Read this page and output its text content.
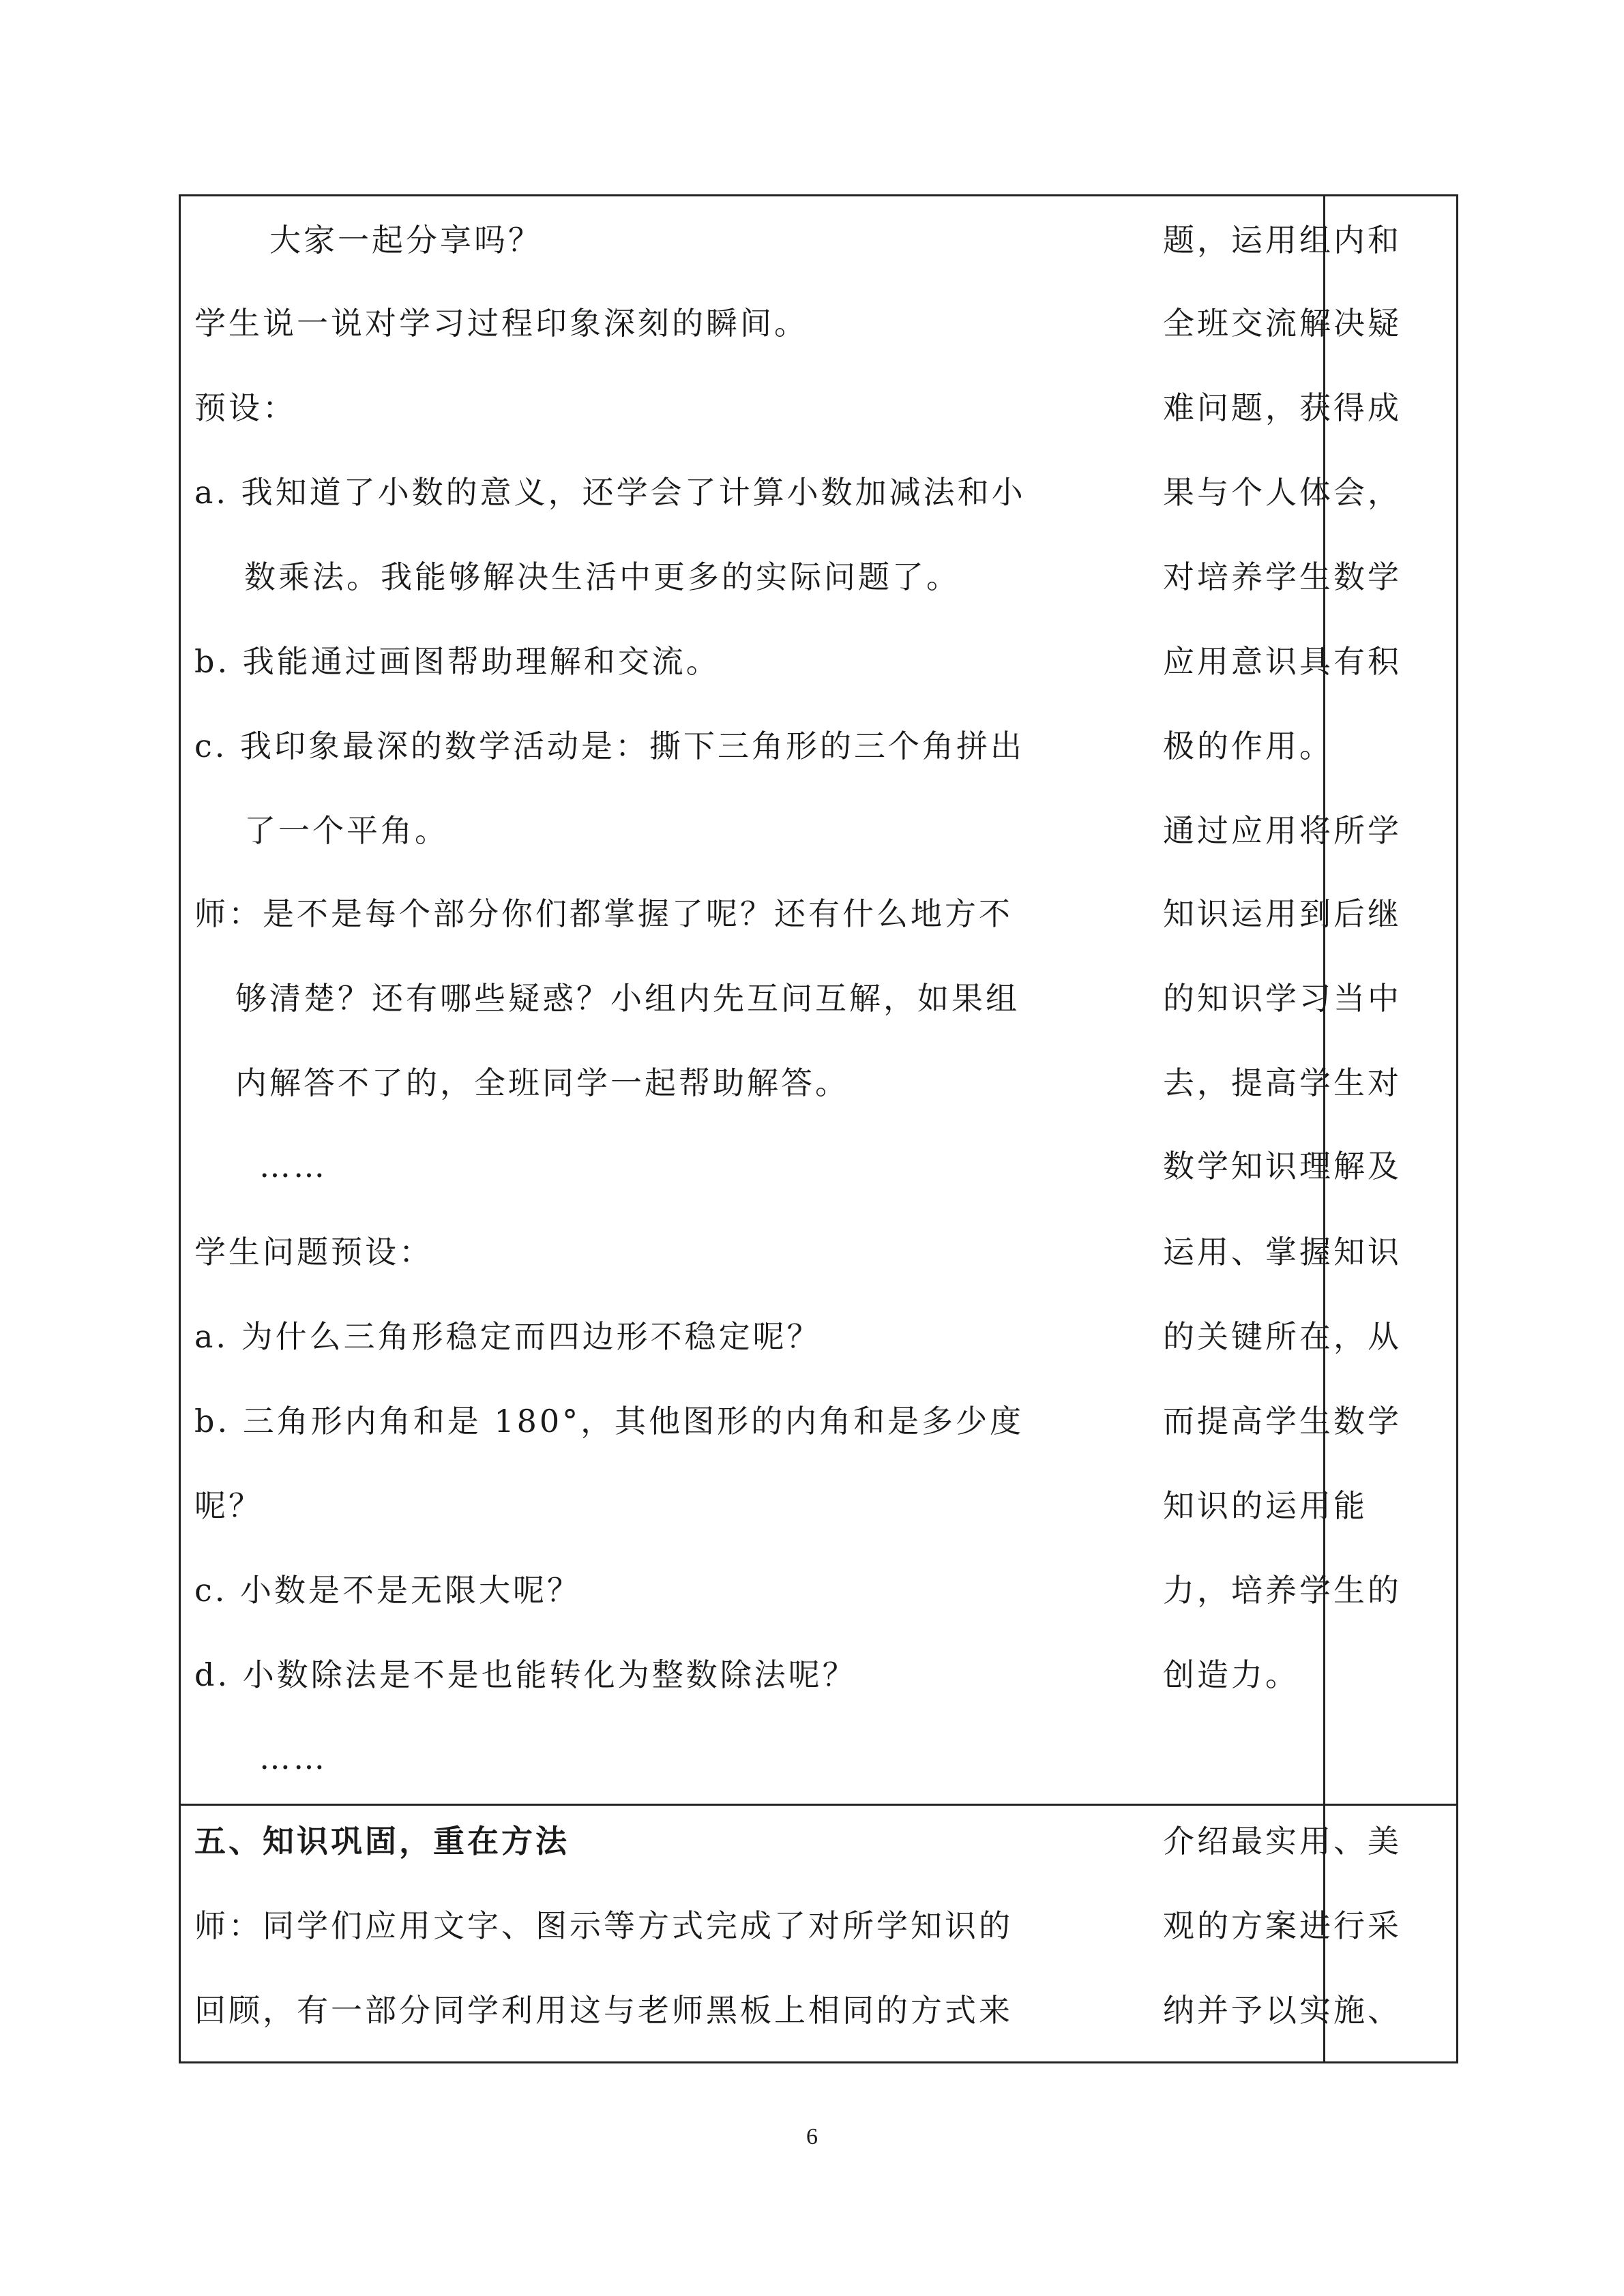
大家一起分享吗？
学生说一说对学习过程印象深刻的瞬间。
预设：
a. 我知道了小数的意义，还学会了计算小数加减法和小
数乘法。我能够解决生活中更多的实际问题了。
b. 我能通过画图帮助理解和交流。
c. 我印象最深的数学活动是：撕下三角形的三个角拼出
了一个平角。
师：是不是每个部分你们都掌握了呢？还有什么地方不
够清楚？还有哪些疑惑？小组内先互问互解，如果组
内解答不了的，全班同学一起帮助解答。
……
学生问题预设：
a. 为什么三角形稳定而四边形不稳定呢？
b. 三角形内角和是 180°，其他图形的内角和是多少度
呢？
c. 小数是不是无限大呢？
d. 小数除法是不是也能转化为整数除法呢？
……
题，运用组内和
全班交流解决疑
难问题，获得成
果与个人体会，
对培养学生数学
应用意识具有积
极的作用。
通过应用将所学
知识运用到后继
的知识学习当中
去，提高学生对
数学知识理解及
运用、掌握知识
的关键所在，从
而提高学生数学
知识的运用能
力，培养学生的
创造力。
五、知识巩固，重在方法
师：同学们应用文字、图示等方式完成了对所学知识的
回顾，有一部分同学利用这与老师黑板上相同的方式来
介绍最实用、美
观的方案进行采
纳并予以实施、
6
